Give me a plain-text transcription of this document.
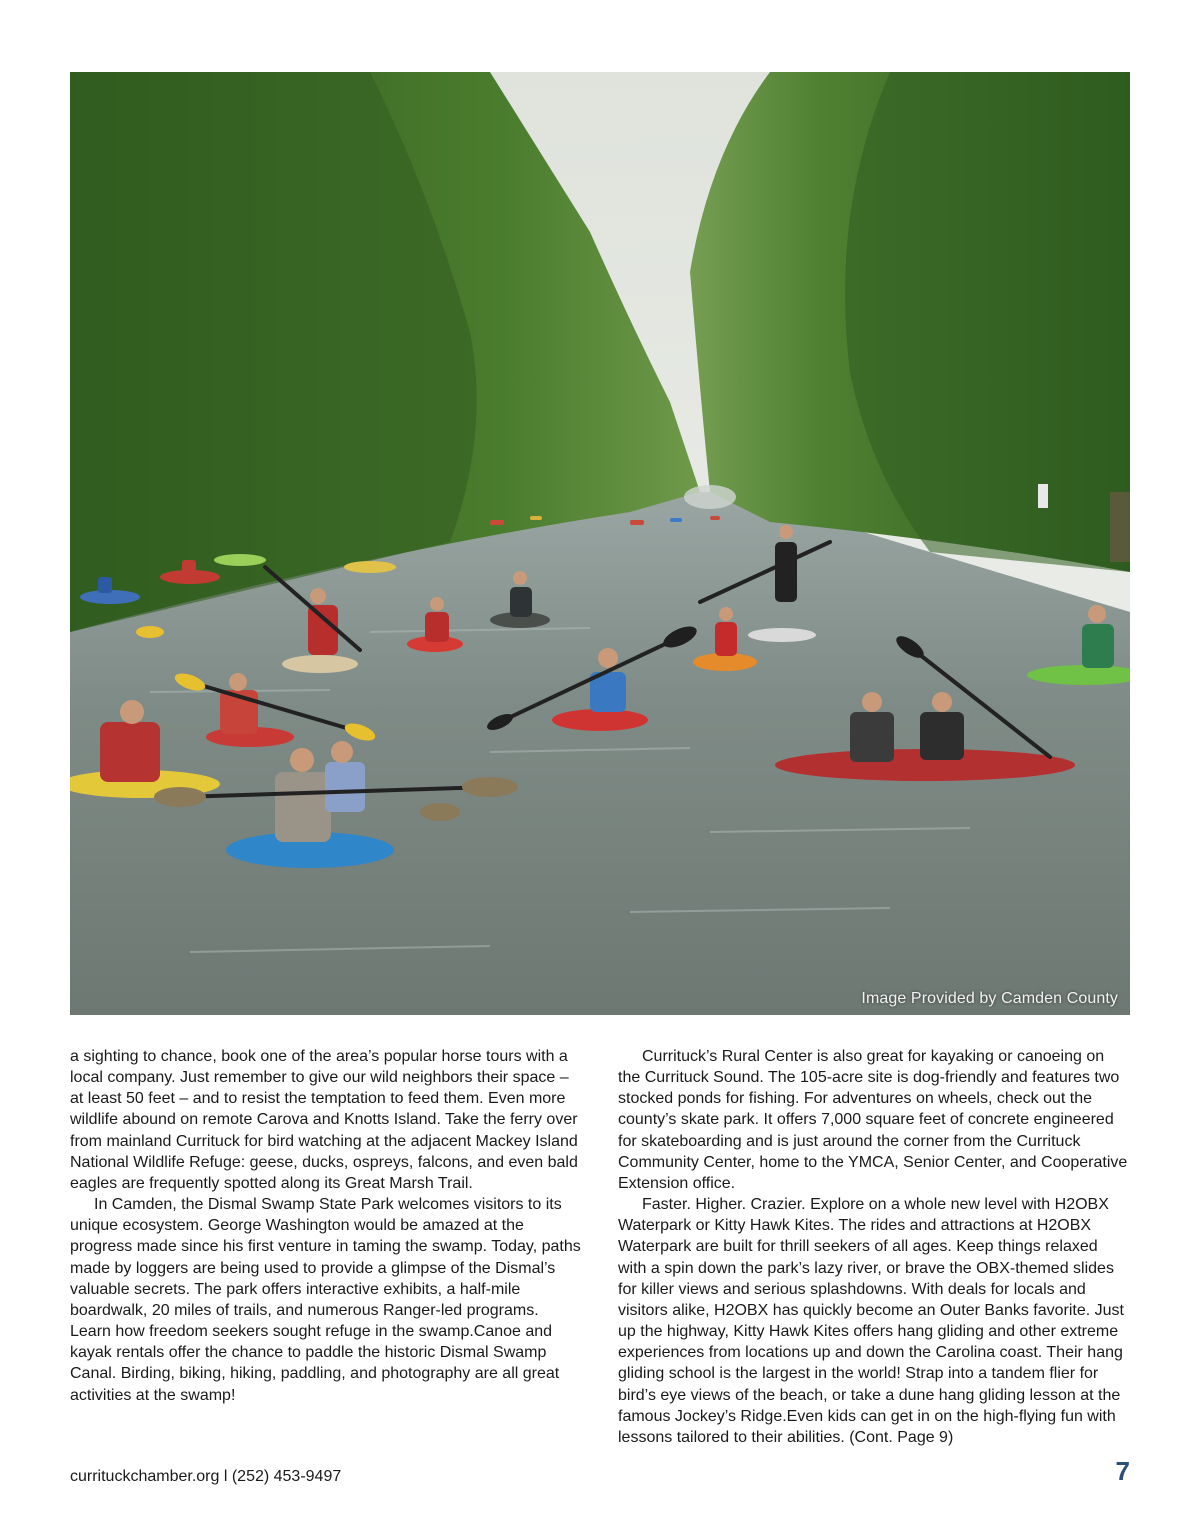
Image Provided by Camden County

a sighting to chance, book one of the area’s popular horse tours with a local company. Just remember to give our wild neighbors their space – at least 50 feet – and to resist the temptation to feed them. Even more wildlife abound on remote Carova and Knotts Island. Take the ferry over from mainland Currituck for bird watching at the adjacent Mackey Island National Wildlife Refuge: geese, ducks, ospreys, falcons, and even bald eagles are frequently spotted along its Great Marsh Trail.

In Camden, the Dismal Swamp State Park welcomes visitors to its unique ecosystem. George Washington would be amazed at the progress made since his first venture in taming the swamp. Today, paths made by loggers are being used to provide a glimpse of the Dismal’s valuable secrets. The park offers interactive exhibits, a half-mile boardwalk, 20 miles of trails, and numerous Ranger-led programs. Learn how freedom seekers sought refuge in the swamp.Canoe and kayak rentals offer the chance to paddle the historic Dismal Swamp Canal. Birding, biking, hiking, paddling, and photography are all great activities at the swamp!

Currituck’s Rural Center is also great for kayaking or canoeing on the Currituck Sound. The 105-acre site is dog-friendly and features two stocked ponds for fishing. For adventures on wheels, check out the county’s skate park. It offers 7,000 square feet of concrete engineered for skateboarding and is just around the corner from the Currituck Community Center, home to the YMCA, Senior Center, and Cooperative Extension office.

Faster. Higher. Crazier. Explore on a whole new level with H2OBX Waterpark or Kitty Hawk Kites. The rides and attractions at H2OBX Waterpark are built for thrill seekers of all ages. Keep things relaxed with a spin down the park’s lazy river, or brave the OBX-themed slides for killer views and serious splashdowns. With deals for locals and visitors alike, H2OBX has quickly become an Outer Banks favorite. Just up the highway, Kitty Hawk Kites offers hang gliding and other extreme experiences from locations up and down the Carolina coast. Their hang gliding school is the largest in the world! Strap into a tandem flier for bird’s eye views of the beach, or take a dune hang gliding lesson at the famous Jockey’s Ridge.Even kids can get in on the high-flying fun with lessons tailored to their abilities. (Cont. Page 9)

currituckchamber.org l (252) 453-9497	7
